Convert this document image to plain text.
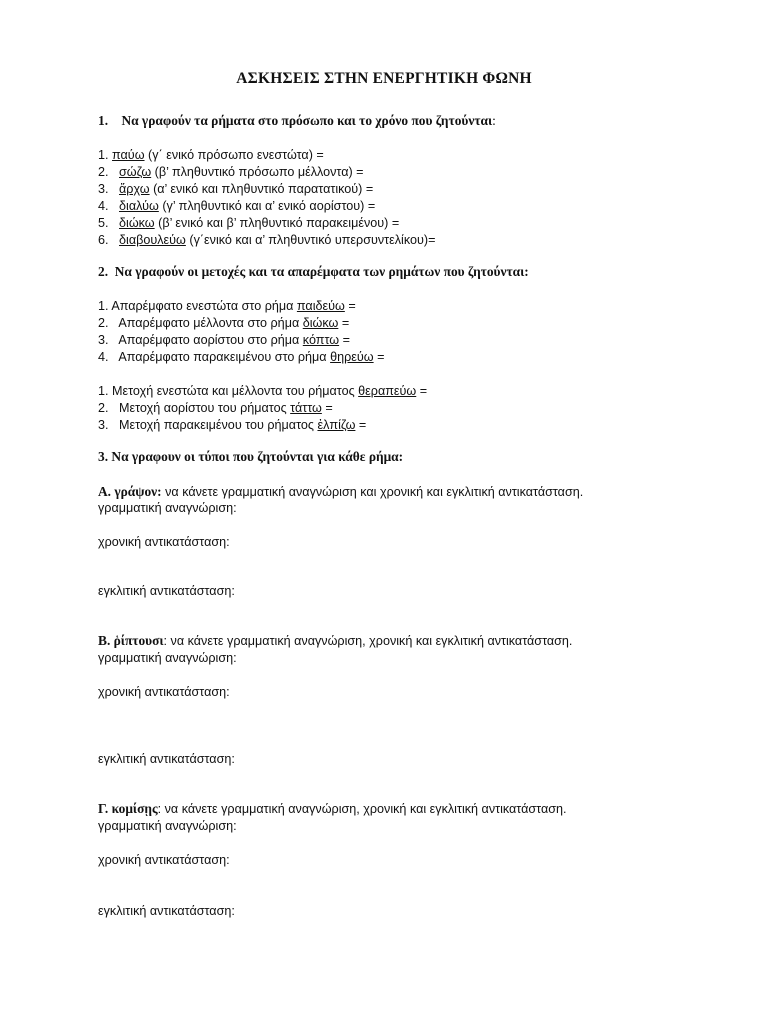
ΑΣΚΗΣΕΙΣ ΣΤΗΝ ΕΝΕΡΓΗΤΙΚΗ ΦΩΝΗ
1. Να γραφούν τα ρήματα στο πρόσωπο και το χρόνο που ζητούνται:
1. παύω (γ΄ ενικό πρόσωπο ενεστώτα) =
2. σώζω (β’ πληθυντικό πρόσωπο μέλλοντα) =
3. ἄρχω (α’ ενικό και πληθυντικό παρατατικού) =
4. διαλύω (γ’ πληθυντικό και α’ ενικό αορίστου) =
5. διώκω (β’ ενικό και β’ πληθυντικό παρακειμένου) =
6. διαβουλεύω (γ΄ενικό και α’ πληθυντικό υπερσυντελίκου)=
2. Να γραφούν οι μετοχές και τα απαρέμφατα των ρημάτων που ζητούνται:
1. Απαρέμφατο ενεστώτα στο ρήμα παιδεύω =
2. Απαρέμφατο μέλλοντα στο ρήμα διώκω =
3. Απαρέμφατο αορίστου στο ρήμα κόπτω =
4. Απαρέμφατο παρακειμένου στο ρήμα θηρεύω =
1. Μετοχή ενεστώτα και μέλλοντα του ρήματος θεραπεύω =
2. Μετοχή αορίστου του ρήματος τάττω =
3. Μετοχή παρακειμένου του ρήματος ἐλπίζω =
3. Να γραφουν οι τύποι που ζητούνται για κάθε ρήμα:
Α. γράψον: να κάνετε γραμματική αναγνώριση και χρονική και εγκλιτική αντικατάσταση.
γραμματική αναγνώριση:
χρονική αντικατάσταση:
εγκλιτική αντικατάσταση:
Β. ῥίπτουσι: να κάνετε γραμματική αναγνώριση, χρονική και εγκλιτική αντικατάσταση.
γραμματική αναγνώριση:
χρονική αντικατάσταση:
εγκλιτική αντικατάσταση:
Γ. κομίσῃς: να κάνετε γραμματική αναγνώριση, χρονική και εγκλιτική αντικατάσταση.
γραμματική αναγνώριση:
χρονική αντικατάσταση:
εγκλιτική αντικατάσταση:
